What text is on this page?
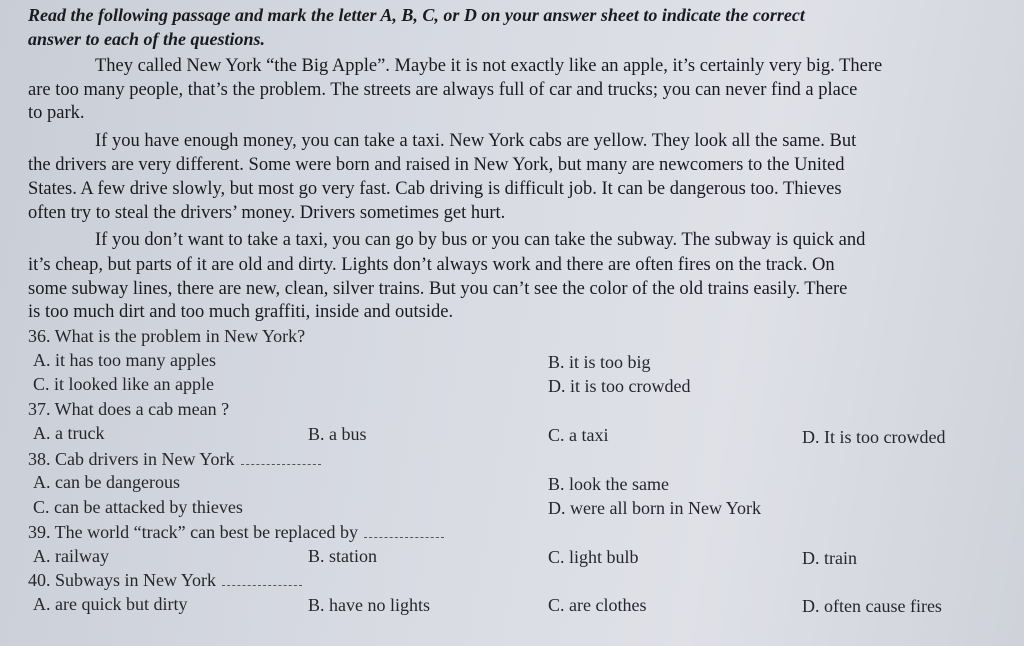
Read the following passage and mark the letter A, B, C, or D on your answer sheet to indicate the correct
answer to each of the questions.
They called New York “the Big Apple”. Maybe it is not exactly like an apple, it’s certainly very big. There
are too many people, that’s the problem. The streets are always full of car and trucks; you can never find a place
to park.
If you have enough money, you can take a taxi. New York cabs are yellow. They look all the same. But
the drivers are very different. Some were born and raised in New York, but many are newcomers to the United
States. A few drive slowly, but most go very fast. Cab driving is difficult job. It can be dangerous too. Thieves
often try to steal the drivers’ money. Drivers sometimes get hurt.
If you don’t want to take a taxi, you can go by bus or you can take the subway. The subway is quick and
it’s cheap, but parts of it are old and dirty. Lights don’t always work and there are often fires on the track. On
some subway lines, there are new, clean, silver trains. But you can’t see the color of the old trains easily. There
is too much dirt and too much graffiti, inside and outside.
36. What is the problem in New York?
A. it has too many apples	B. it is too big
C. it looked like an apple	D. it is too crowded
37. What does a cab mean ?
A. a truck	B. a bus	C. a taxi	D. It is too crowded
38. Cab drivers in New York
A. can be dangerous	B. look the same
C. can be attacked by thieves	D. were all born in New York
39. The world “track” can best be replaced by
A. railway	B. station	C. light bulb	D. train
40. Subways in New York
A. are quick but dirty	B. have no lights	C. are clothes	D. often cause fires
